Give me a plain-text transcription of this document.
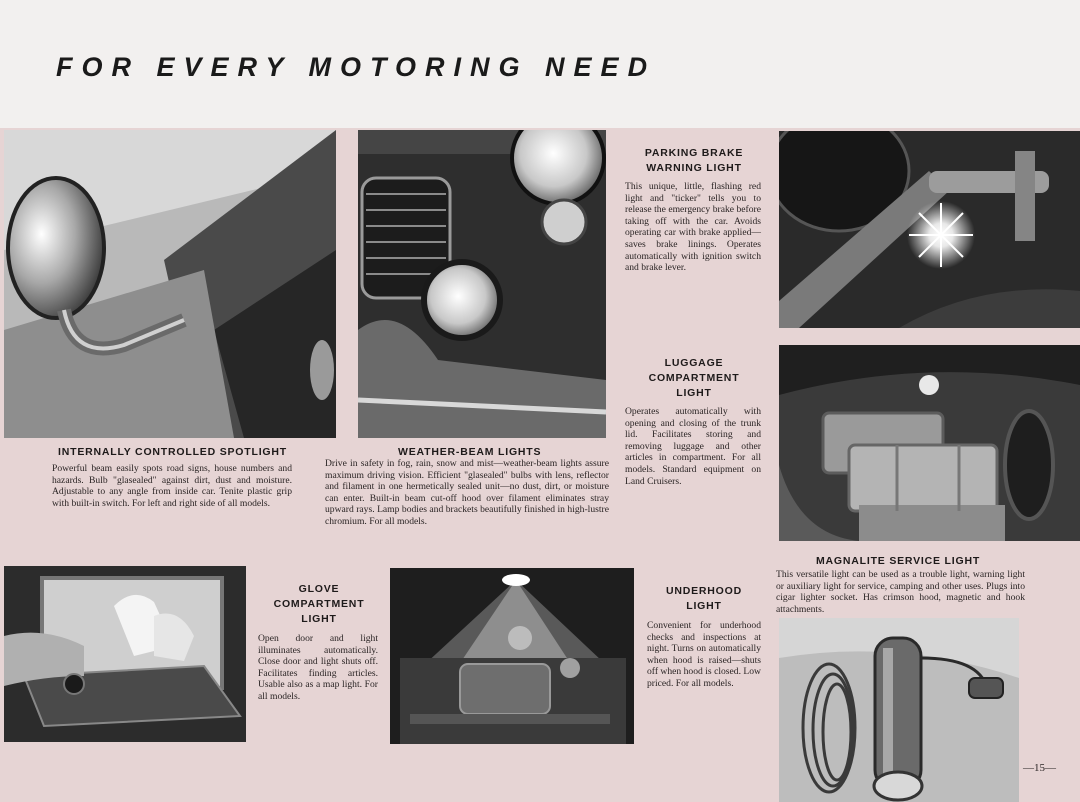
FOR EVERY MOTORING NEED

INTERNALLY CONTROLLED SPOTLIGHT

Powerful beam easily spots road signs, house numbers and hazards. Bulb "glasealed" against dirt, dust and moisture. Adjustable to any angle from inside car. Tenite plastic grip with built-in switch. For left and right side of all models.

WEATHER-BEAM LIGHTS

Drive in safety in fog, rain, snow and mist—weather-beam lights assure maximum driving vision. Efficient "glasealed" bulbs with lens, reflector and filament in one hermetically sealed unit—no dust, dirt, or moisture can enter. Built-in beam cut-off hood over filament eliminates stray upward rays. Lamp bodies and brackets beautifully finished in high-lustre chromium. For all models.

PARKING BRAKE
WARNING LIGHT

This unique, little, flashing red light and "ticker" tells you to release the emergency brake before taking off with the car. Avoids operating car with brake applied—saves brake linings. Operates automatically with ignition switch and brake lever.

LUGGAGE
COMPARTMENT
LIGHT

Operates automatically with opening and closing of the trunk lid. Facilitates storing and removing luggage and other articles in compartment. For all models. Standard equipment on Land Cruisers.

MAGNALITE SERVICE LIGHT

This versatile light can be used as a trouble light, warning light or auxiliary light for service, camping and other uses. Plugs into cigar lighter socket. Has crimson hood, magnetic and hook attachments.

GLOVE
COMPARTMENT
LIGHT

Open door and light illuminates automatically. Close door and light shuts off. Facilitates finding articles. Usable also as a map light. For all models.

UNDERHOOD
LIGHT

Convenient for underhood checks and inspections at night. Turns on automatically when hood is raised—shuts off when hood is closed. Low priced. For all models.

—15—
